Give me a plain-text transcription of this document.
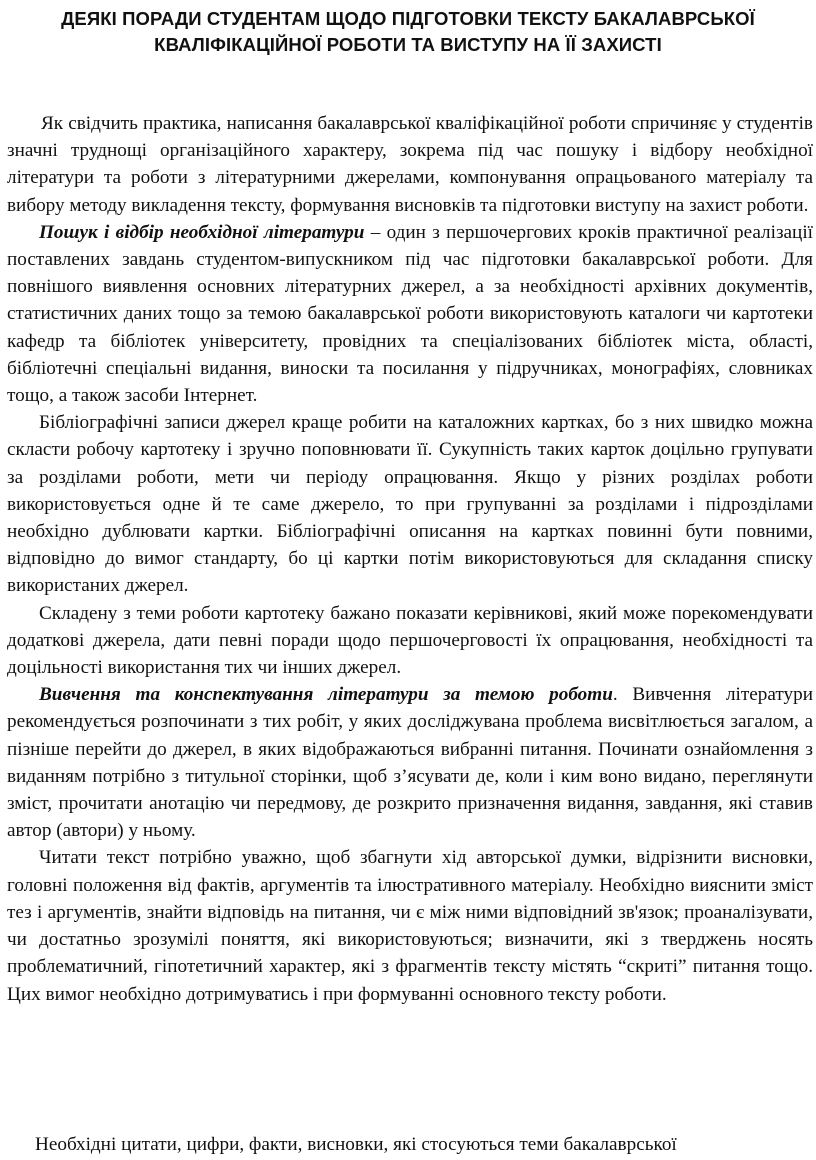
ДЕЯКІ ПОРАДИ СТУДЕНТАМ ЩОДО ПІДГОТОВКИ ТЕКСТУ БАКАЛАВРСЬКОЇ КВАЛІФІКАЦІЙНОЇ РОБОТИ ТА ВИСТУПУ НА ЇЇ ЗАХИСТІ

Як свідчить практика, написання бакалаврської кваліфікаційної роботи спричиняє у студентів значні труднощі організаційного характеру, зокрема під час пошуку і відбору необхідної літератури та роботи з літературними джерелами, компонування опрацьованого матеріалу та вибору методу викладення тексту, формування висновків та підготовки виступу на захист роботи.

Пошук і відбір необхідної літератури – один з першочергових кроків практичної реалізації поставлених завдань студентом-випускником під час підготовки бакалаврської роботи. Для повнішого виявлення основних літературних джерел, а за необхідності архівних документів, статистичних даних тощо за темою бакалаврської роботи використовують каталоги чи картотеки кафедр та бібліотек університету, провідних та спеціалізованих бібліотек міста, області, бібліотечні спеціальні видання, виноски та посилання у підручниках, монографіях, словниках тощо, а також засоби Інтернет.

Бібліографічні записи джерел краще робити на каталожних картках, бо з них швидко можна скласти робочу картотеку і зручно поповнювати її. Сукупність таких карток доцільно групувати за розділами роботи, мети чи періоду опрацювання. Якщо у різних розділах роботи використовується одне й те саме джерело, то при групуванні за розділами і підрозділами необхідно дублювати картки. Бібліографічні описання на картках повинні бути повними, відповідно до вимог стандарту, бо ці картки потім використовуються для складання списку використаних джерел.

Складену з теми роботи картотеку бажано показати керівникові, який може порекомендувати додаткові джерела, дати певні поради щодо першочерговості їх опрацювання, необхідності та доцільності використання тих чи інших джерел.

Вивчення та конспектування літератури за темою роботи. Вивчення літератури рекомендується розпочинати з тих робіт, у яких досліджувана проблема висвітлюється загалом, а пізніше перейти до джерел, в яких відображаються вибранні питання. Починати ознайомлення з виданням потрібно з титульної сторінки, щоб з’ясувати де, коли і ким воно видано, переглянути зміст, прочитати анотацію чи передмову, де розкрито призначення видання, завдання, які ставив автор (автори) у ньому.

Читати текст потрібно уважно, щоб збагнути хід авторської думки, відрізнити висновки, головні положення від фактів, аргументів та ілюстративного матеріалу. Необхідно вияснити зміст тез і аргументів, знайти відповідь на питання, чи є між ними відповідний зв'язок; проаналізувати, чи достатньо зрозумілі поняття, які використовуються; визначити, які з тверджень носять проблематичний, гіпотетичний характер, які з фрагментів тексту містять “скриті” питання тощо. Цих вимог необхідно дотримуватись і при формуванні основного тексту роботи.

Необхідні цитати, цифри, факти, висновки, які стосуються теми бакалаврської
